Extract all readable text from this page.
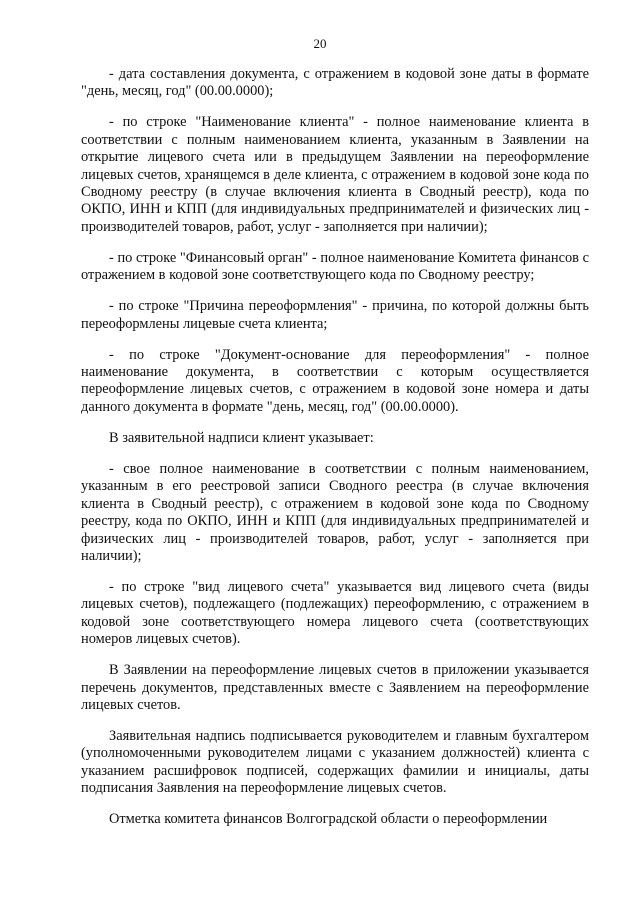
20

- дата составления документа, с отражением в кодовой зоне даты в формате "день, месяц, год" (00.00.0000);

- по строке "Наименование клиента" - полное наименование клиента в соответствии с полным наименованием клиента, указанным в Заявлении на открытие лицевого счета или в предыдущем Заявлении на переоформление лицевых счетов, хранящемся в деле клиента, с отражением в кодовой зоне кода по Сводному реестру (в случае включения клиента в Сводный реестр), кода по ОКПО, ИНН и КПП (для индивидуальных предпринимателей и физических лиц - производителей товаров, работ, услуг - заполняется при наличии);

- по строке "Финансовый орган" - полное наименование Комитета финансов с отражением в кодовой зоне соответствующего кода по Сводному реестру;

- по строке "Причина переоформления" - причина, по которой должны быть переоформлены лицевые счета клиента;

- по строке "Документ-основание для переоформления" - полное наименование документа, в соответствии с которым осуществляется переоформление лицевых счетов, с отражением в кодовой зоне номера и даты данного документа в формате "день, месяц, год" (00.00.0000).

В заявительной надписи клиент указывает:

- свое полное наименование в соответствии с полным наименованием, указанным в его реестровой записи Сводного реестра (в случае включения клиента в Сводный реестр), с отражением в кодовой зоне кода по Сводному реестру, кода по ОКПО, ИНН и КПП (для индивидуальных предпринимателей и физических лиц - производителей товаров, работ, услуг - заполняется при наличии);

- по строке "вид лицевого счета" указывается вид лицевого счета (виды лицевых счетов), подлежащего (подлежащих) переоформлению, с отражением в кодовой зоне соответствующего номера лицевого счета (соответствующих номеров лицевых счетов).

В Заявлении на переоформление лицевых счетов в приложении указывается перечень документов, представленных вместе с Заявлением на переоформление лицевых счетов.

Заявительная надпись подписывается руководителем и главным бухгалтером (уполномоченными руководителем лицами с указанием должностей) клиента с указанием расшифровок подписей, содержащих фамилии и инициалы, даты подписания Заявления на переоформление лицевых счетов.

Отметка комитета финансов Волгоградской области о переоформлении
